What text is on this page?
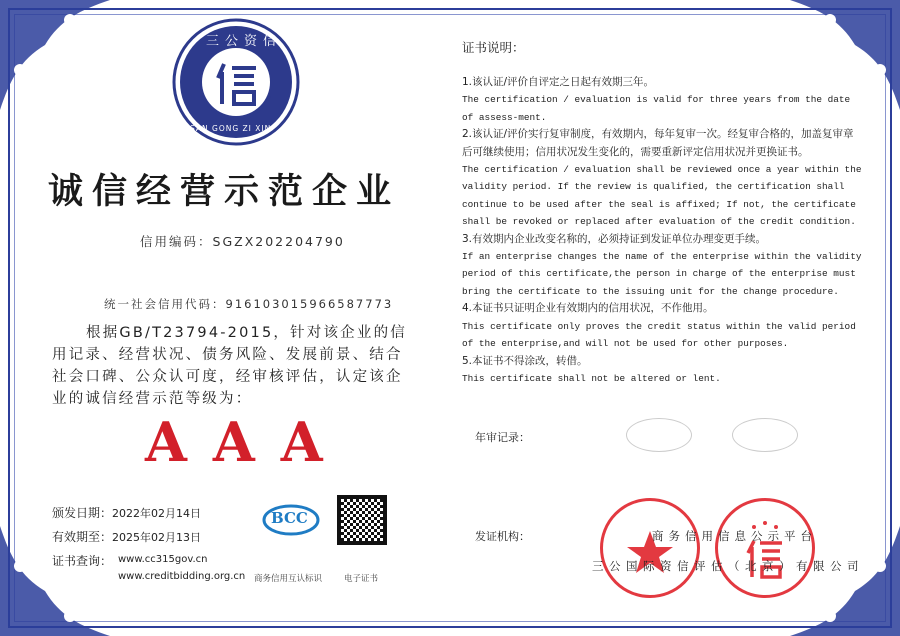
三公资信
SAN GONG ZI XIN
诚信经营示范企业
信用编码：SGZX202204790
统一社会信用代码：916103015966587773
根据GB/T23794-2015，针对该企业的信用记录、经营状况、债务风险、发展前景、结合社会口碑、公众认可度，经审核评估，认定该企业的诚信经营示范等级为：
AAA
颁发日期：2022年02月14日
有效期至：2025年02月13日
证书查询： www.cc315gov.cn
www.creditbidding.org.cn
BCC
商务信用互认标识	电子证书
证书说明：
1.该认证/评价自评定之日起有效期三年。
The certification / evaluation is valid for three years from the date of assess-ment.
2.该认证/评价实行复审制度，有效期内，每年复审一次。经复审合格的，加盖复审章后可继续使用；信用状况发生变化的，需要重新评定信用状况并更换证书。
The certification / evaluation shall be reviewed once a year within the validity period. If the review is qualified, the certification shall continue to be used after the seal is affixed; If not, the certificate shall be revoked or replaced after evaluation of the credit condition.
3.有效期内企业改变名称的，必须持证到发证单位办理变更手续。
If an enterprise changes the name of the enterprise within the validity period of this certificate,the person in charge of the enterprise must bring the certificate to the issuing unit for the change procedure.
4.本证书只证明企业有效期内的信用状况，不作他用。
This certificate only proves the credit status within the valid period of the enterprise,and will not be used for other purposes.
5.本证书不得涂改，转借。
This certificate shall not be altered or lent.
年审记录：
发证机构：	商务信用信息公示平台
三公国际资信评估（北京）有限公司
